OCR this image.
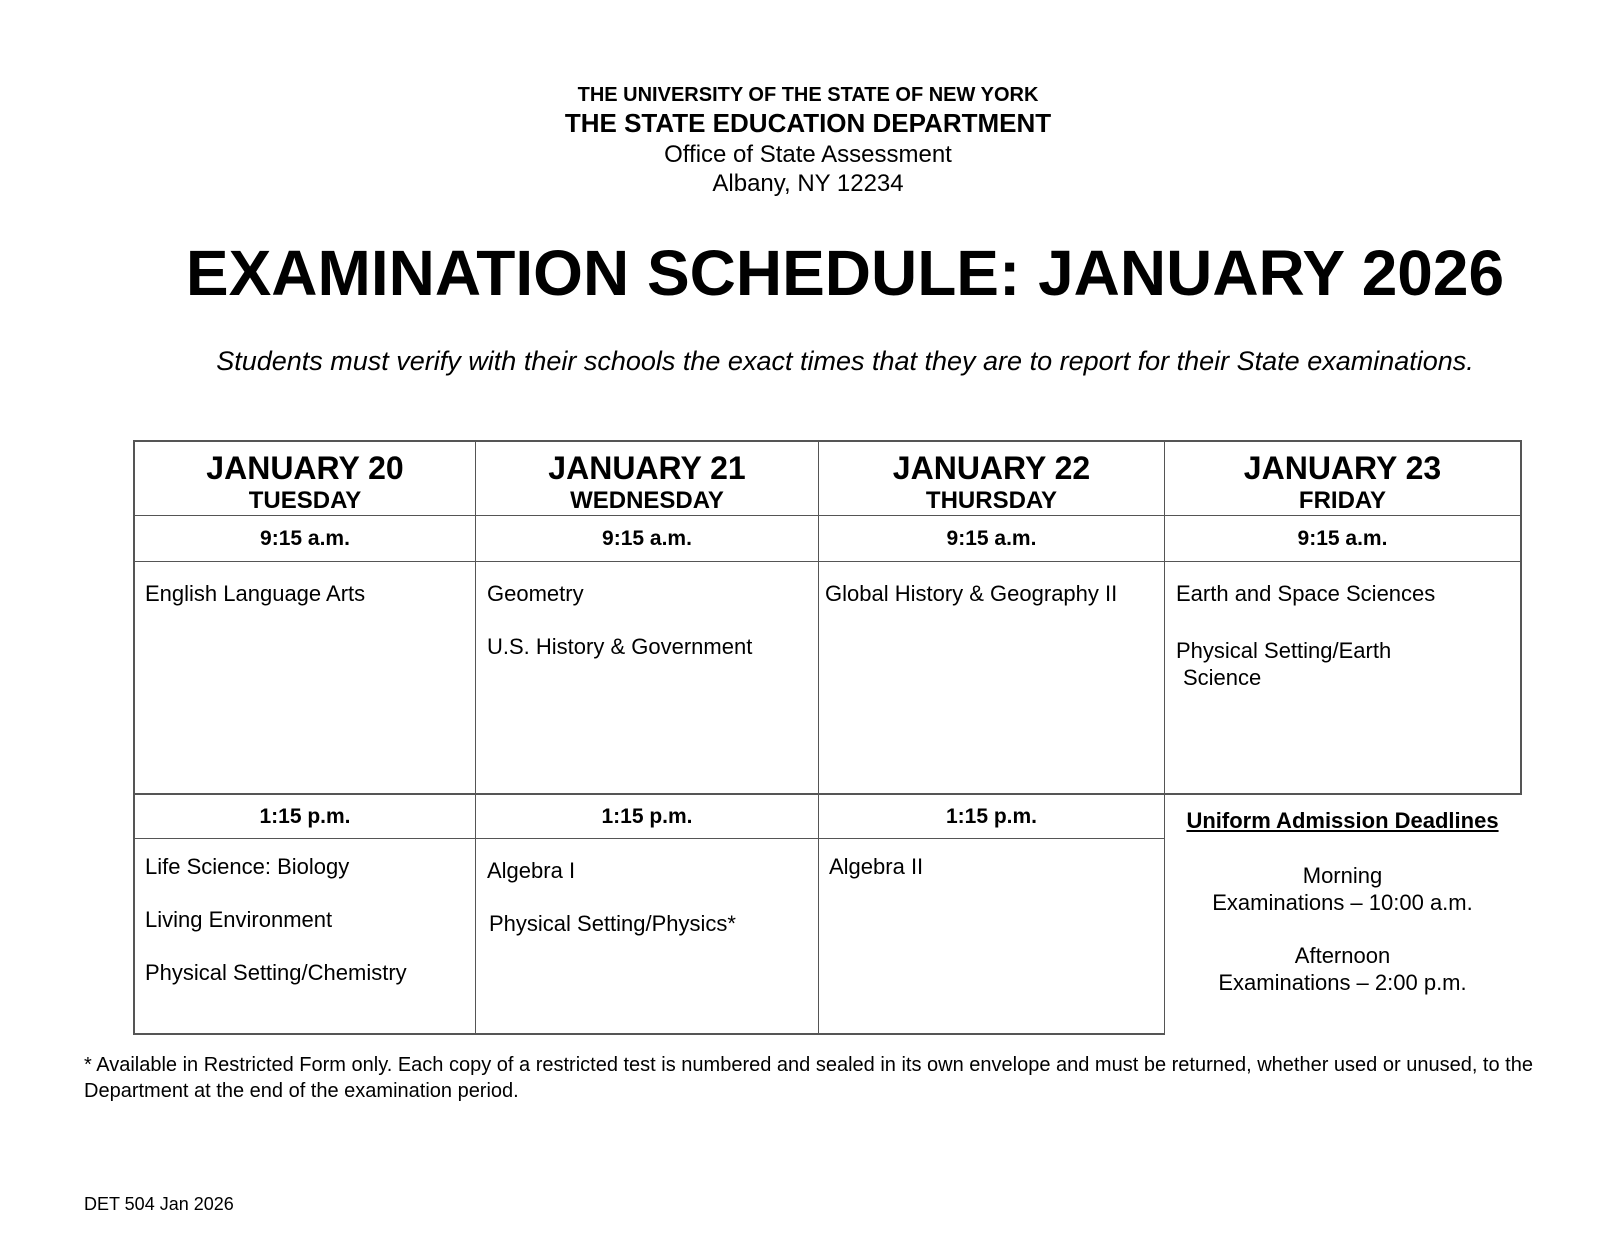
THE UNIVERSITY OF THE STATE OF NEW YORK
THE STATE EDUCATION DEPARTMENT
Office of State Assessment
Albany, NY 12234
EXAMINATION SCHEDULE: JANUARY 2026
Students must verify with their schools the exact times that they are to report for their State examinations.
JANUARY 20
TUESDAY
9:15 a.m.
English Language Arts
1:15 p.m.
Life Science: Biology
Living Environment
Physical Setting/Chemistry
JANUARY 21
WEDNESDAY
9:15 a.m.
Geometry
U.S. History & Government
1:15 p.m.
Algebra I
Physical Setting/Physics*
JANUARY 22
THURSDAY
9:15 a.m.
Global History & Geography II
1:15 p.m.
Algebra II
JANUARY 23
FRIDAY
9:15 a.m.
Earth and Space Sciences
Physical Setting/Earth
Science
Uniform Admission Deadlines
Morning
Examinations – 10:00 a.m.
Afternoon
Examinations – 2:00 p.m.
* Available in Restricted Form only. Each copy of a restricted test is numbered and sealed in its own envelope and must be returned, whether used or unused, to the Department at the end of the examination period.
DET 504 Jan 2026
